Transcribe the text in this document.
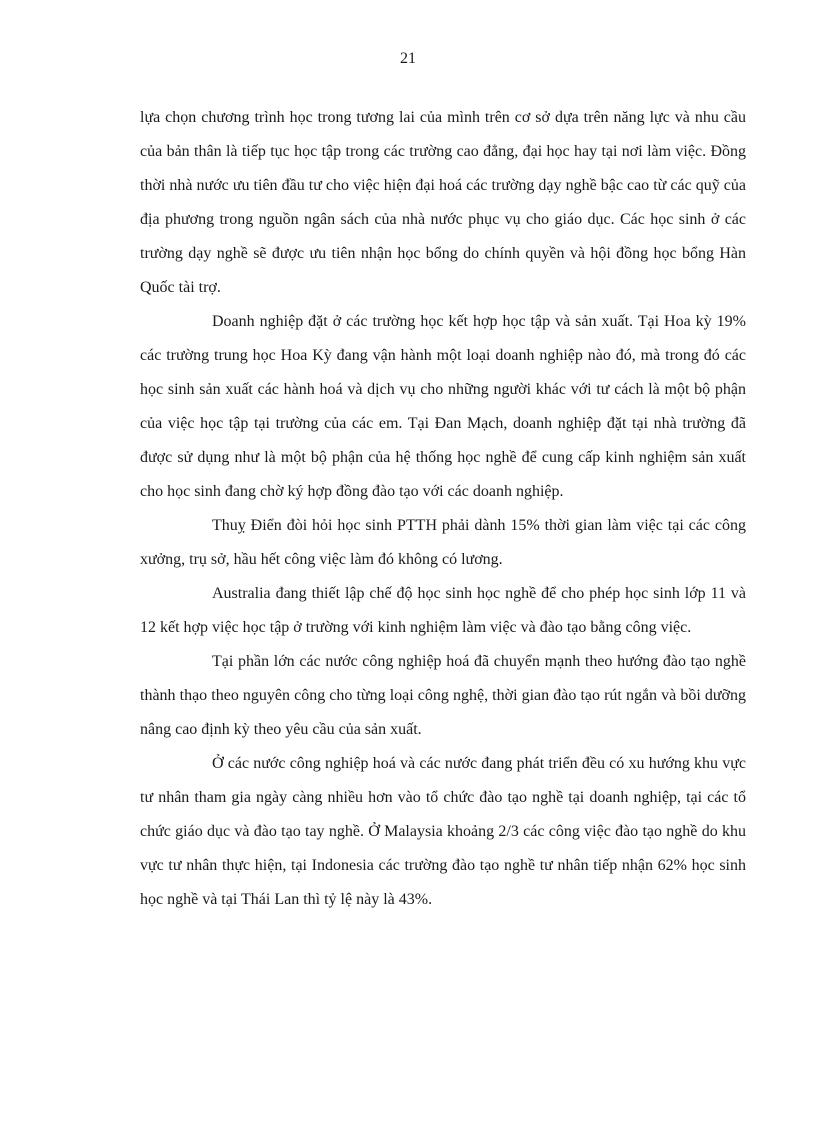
21

lựa chọn chương trình học trong tương lai của mình trên cơ sở dựa trên năng lực và nhu cầu của bản thân là tiếp tục học tập trong các trường cao đẳng, đại học hay tại nơi làm việc. Đồng thời nhà nước ưu tiên đầu tư cho việc hiện đại hoá các trường dạy nghề bậc cao từ các quỹ của địa phương trong nguồn ngân sách của nhà nước phục vụ cho giáo dục. Các học sinh ở các trường dạy nghề sẽ được ưu tiên nhận học bổng do chính quyền và hội đồng học bổng Hàn Quốc tài trợ.

Doanh nghiệp đặt ở các trường học kết hợp học tập và sản xuất. Tại Hoa kỳ 19% các trường trung học Hoa Kỳ đang vận hành một loại doanh nghiệp nào đó, mà trong đó các học sinh sản xuất các hành hoá và dịch vụ cho những người khác với tư cách là một bộ phận của việc học tập tại trường của các em. Tại Đan Mạch, doanh nghiệp đặt tại nhà trường đã được sử dụng như là một bộ phận của hệ thống học nghề để cung cấp kinh nghiệm sản xuất cho học sinh đang chờ ký hợp đồng đào tạo với các doanh nghiệp.

Thuỵ Điển đòi hỏi học sinh PTTH phải dành 15% thời gian làm việc tại các công xưởng, trụ sở, hầu hết công việc làm đó không có lương.

Australia đang thiết lập chế độ học sinh học nghề để cho phép học sinh lớp 11 và 12 kết hợp việc học tập ở trường với kinh nghiệm làm việc và đào tạo bằng công việc.

Tại phần lớn các nước công nghiệp hoá đã chuyển mạnh theo hướng đào tạo nghề thành thạo theo nguyên công cho từng loại công nghệ, thời gian đào tạo rút ngắn và bồi dưỡng nâng cao định kỳ theo yêu cầu của sản xuất.

Ở các nước công nghiệp hoá và các nước đang phát triển đều có xu hướng khu vực tư nhân tham gia ngày càng nhiều hơn vào tổ chức đào tạo nghề tại doanh nghiệp, tại các tổ chức giáo dục và đào tạo tay nghề. Ở Malaysia khoảng 2/3 các công việc đào tạo nghề do khu vực tư nhân thực hiện, tại Indonesia các trường đào tạo nghề tư nhân tiếp nhận 62% học sinh học nghề và tại Thái Lan thì tỷ lệ này là 43%.
